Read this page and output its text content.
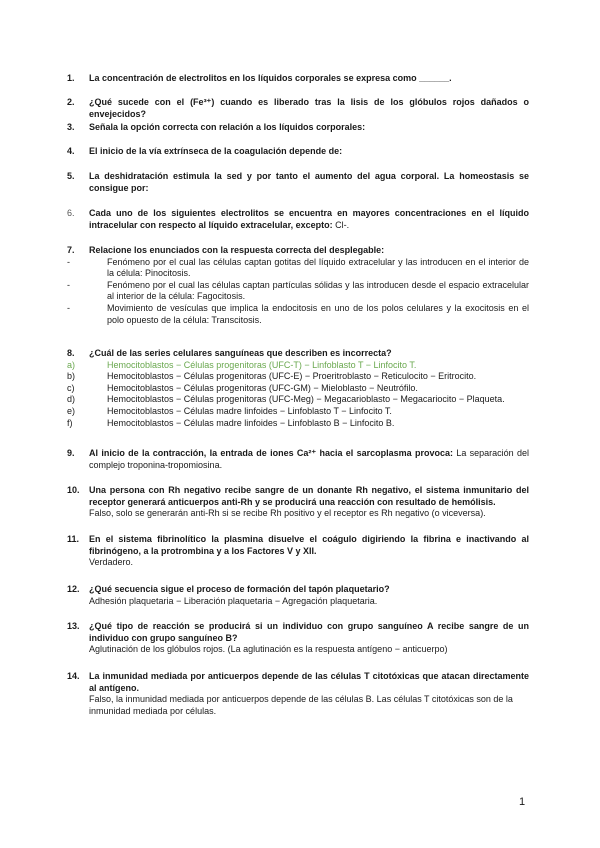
1. La concentración de electrolitos en los líquidos corporales se expresa como ______.
2. ¿Qué sucede con el (Fe³⁺) cuando es liberado tras la lisis de los glóbulos rojos dañados o envejecidos?
3. Señala la opción correcta con relación a los líquidos corporales:
4. El inicio de la vía extrínseca de la coagulación depende de:
5. La deshidratación estimula la sed y por tanto el aumento del agua corporal. La homeostasis se consigue por:
6. Cada uno de los siguientes electrolitos se encuentra en mayores concentraciones en el líquido intracelular con respecto al líquido extracelular, excepto: Cl-.
7. Relacione los enunciados con la respuesta correcta del desplegable:
-	Fenómeno por el cual las células captan gotitas del líquido extracelular y las introducen en el interior de la célula: Pinocitosis.
-	Fenómeno por el cual las células captan partículas sólidas y las introducen desde el espacio extracelular al interior de la célula: Fagocitosis.
-	Movimiento de vesículas que implica la endocitosis en uno de los polos celulares y la exocitosis en el polo opuesto de la célula: Transcitosis.
8. ¿Cuál de las series celulares sanguíneas que describen es incorrecta?
a)	Hemocitoblastos − Células progenitoras (UFC-T) − Linfoblasto T − Linfocito T.
b)	Hemocitoblastos − Células progenitoras (UFC-E) − Proeritroblasto − Reticulocito − Eritrocito.
c)	Hemocitoblastos − Células progenitoras (UFC-GM) − Mieloblasto − Neutrófilo.
d)	Hemocitoblastos − Células progenitoras (UFC-Meg) − Megacarioblasto − Megacariocito − Plaqueta.
e)	Hemocitoblastos − Células madre linfoides − Linfoblasto T − Linfocito T.
f)	Hemocitoblastos − Células madre linfoides − Linfoblasto B − Linfocito B.
9. Al inicio de la contracción, la entrada de iones Ca²⁺ hacia el sarcoplasma provoca: La separación del complejo troponina-tropomiosina.
10. Una persona con Rh negativo recibe sangre de un donante Rh negativo, el sistema inmunitario del receptor generará anticuerpos anti-Rh y se producirá una reacción con resultado de hemólisis.
Falso, solo se generarán anti-Rh si se recibe Rh positivo y el receptor es Rh negativo (o viceversa).
11. En el sistema fibrinolítico la plasmina disuelve el coágulo digiriendo la fibrina e inactivando al fibrinógeno, a la protrombina y a los Factores V y XII.
Verdadero.
12. ¿Qué secuencia sigue el proceso de formación del tapón plaquetario?
Adhesión plaquetaria − Liberación plaquetaria − Agregación plaquetaria.
13. ¿Qué tipo de reacción se producirá si un individuo con grupo sanguíneo A recibe sangre de un individuo con grupo sanguíneo B?
Aglutinación de los glóbulos rojos. (La aglutinación es la respuesta antígeno − anticuerpo)
14. La inmunidad mediada por anticuerpos depende de las células T citotóxicas que atacan directamente al antígeno.
Falso, la inmunidad mediada por anticuerpos depende de las células B. Las células T citotóxicas son de la inmunidad mediada por células.
1
